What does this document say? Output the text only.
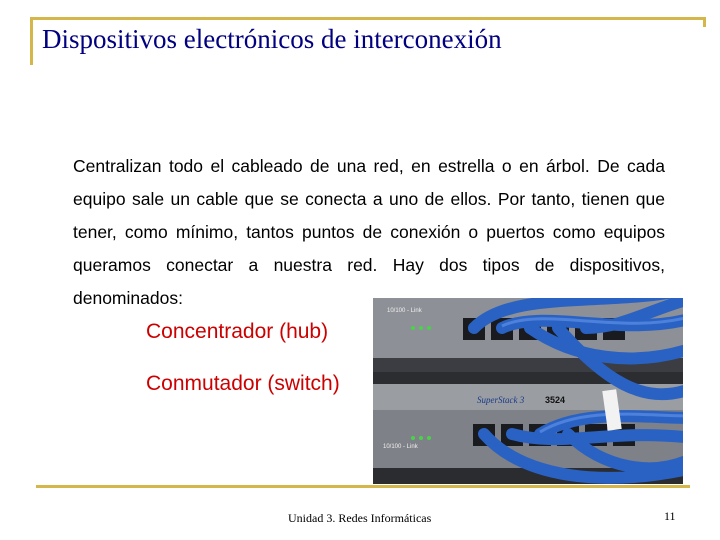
Dispositivos electrónicos de interconexión
Centralizan todo el cableado de una red, en estrella o en árbol. De cada equipo sale un cable que se conecta a uno de ellos. Por tanto, tienen que tener, como mínimo, tantos puntos de conexión o puertos como equipos queramos conectar a nuestra red. Hay dos tipos de dispositivos, denominados:
Concentrador (hub)
Conmutador (switch)
10/100 - Link
SuperStack 3 3524
10/100 - Link
Unidad 3. Redes Informáticas	11
